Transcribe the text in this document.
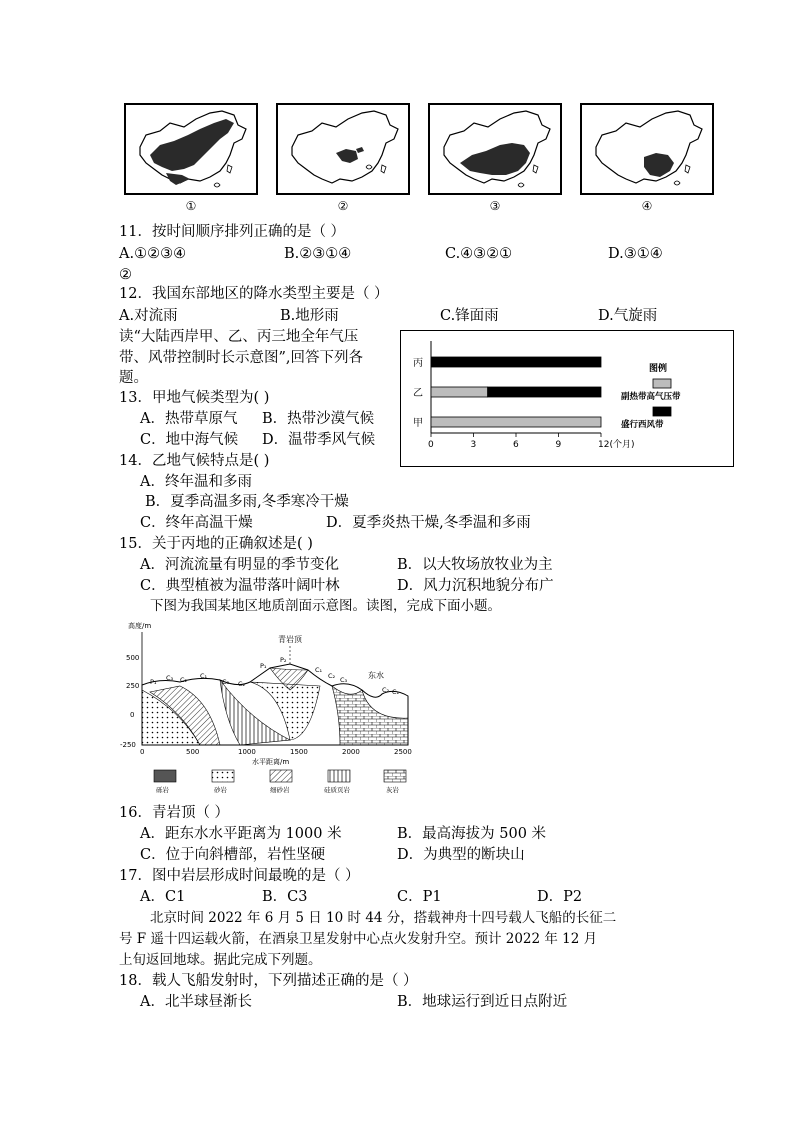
①	②	③	④
11．按时间顺序排列正确的是（ ）
A.①②③④	B.②③①④	C.④③②①	D.③①④
②
12．我国东部地区的降水类型主要是（ ）
A.对流雨	B.地形雨	C.锋面雨	D.气旋雨
读“大陆西岸甲、乙、丙三地全年气压
带、风带控制时长示意图”,回答下列各
题。
丙
乙
甲
0	3	6	9	12(个月)
图例
副热带高气压带
盛行西风带
13．甲地气候类型为( )
A．热带草原气 B．热带沙漠气候
C．地中海气候 D．温带季风气候
14．乙地气候特点是( )
A．终年温和多雨
B．夏季高温多雨,冬季寒冷干燥
C．终年高温干燥	D．夏季炎热干燥,冬季温和多雨
15．关于丙地的正确叙述是( )
A．河流流量有明显的季节变化	B．以大牧场放牧业为主
C．典型植被为温带落叶阔叶林	D．风力沉积地貌分布广
下图为我国某地区地质剖面示意图。读图，完成下面小题。
高度/m
500
250
0
-250
青岩顶
东水
P₁
P₂
P₁
C₃ C₂ C₁
C₃ C₂
C₁
C₂ C₃
C₂ C₁
0	500	1000	1500	2000	2500
水平距离/m
砾岩	砂岩	细砂岩	硅质页岩	灰岩
16．青岩顶（ ）
A．距东水水平距离为 1000 米	B．最高海拔为 500 米
C．位于向斜槽部，岩性坚硬	D．为典型的断块山
17．图中岩层形成时间最晚的是（ ）
A．C1	B．C3	C．P1	D．P2
北京时间 2022 年 6 月 5 日 10 时 44 分，搭载神舟十四号载人飞船的长征二
号 F 遥十四运载火箭，在酒泉卫星发射中心点火发射升空。预计 2022 年 12 月
上旬返回地球。据此完成下列题。
18．载人飞船发射时，下列描述正确的是（ ）
A．北半球昼渐长	B．地球运行到近日点附近
